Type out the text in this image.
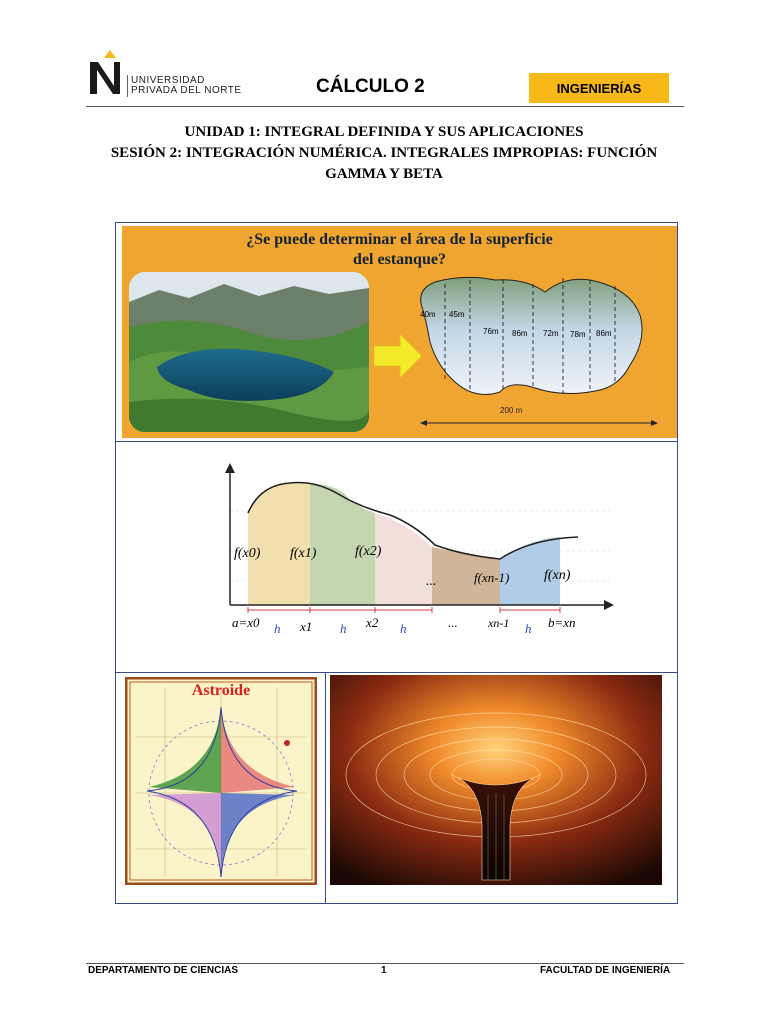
UNIVERSIDAD
PRIVADA DEL NORTE	CÁLCULO 2	INGENIERÍAS
UNIDAD 1: INTEGRAL DEFINIDA Y SUS APLICACIONES
SESIÓN 2: INTEGRACIÓN NUMÉRICA. INTEGRALES IMPROPIAS: FUNCIÓN
GAMMA Y BETA
¿Se puede determinar el área de la superficie
del estanque?
40m 45m
76m 86m 72m 78m 86m
200 m
f(x0) f(x1)	f(x2)
...	f(xn-1) f(xn)
a=x0	x1	x2	...	xn-1	b=xn
h	h	h	h
Astroide
DEPARTAMENTO DE CIENCIAS	1	FACULTAD DE INGENIERÍA
